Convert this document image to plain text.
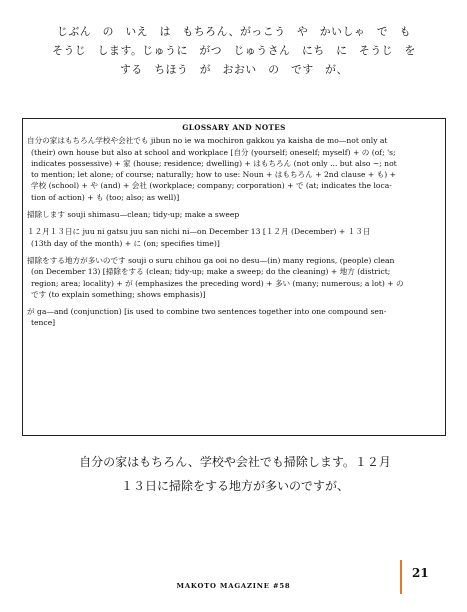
じぶん　の　いえ　は　もちろん、がっこう　や　かいしゃ　で　も
そうじ　します。じゅうに　がつ　じゅうさん　にち　に　そうじ　を
する　ちほう　が　おおい　の　です　が、
GLOSSARY AND NOTES
自分の家はもちろん学校や会社でも jibun no ie wa mochiron gakkou ya kaisha de mo—not only at
(their) own house but also at school and workplace [自分 (yourself; oneself; myself) + の (of; 's;
indicates possessive) + 家 (house; residence; dwelling) + はもちろん (not only ... but also ~; not
to mention; let alone; of course; naturally; how to use: Noun + はもちろん + 2nd clause + も) +
学校 (school) + や (and) + 会社 (workplace; company; corporation) + で (at; indicates the loca-
tion of action) + も (too; also; as well)]
掃除します souji shimasu—clean; tidy-up; make a sweep
１２月１３日に juu ni gatsu juu san nichi ni—on December 13 [１２月 (December) + １３日
(13th day of the month) + に (on; specifies time)]
掃除をする地方が多いのです souji o suru chihou ga ooi no desu—(in) many regions, (people) clean
(on December 13) [掃除をする (clean; tidy-up; make a sweep; do the cleaning) + 地方 (district;
region; area; locality) + が (emphasizes the preceding word) + 多い (many; numerous; a lot) + の
です (to explain something; shows emphasis)]
が ga—and (conjunction) [is used to combine two sentences together into one compound sen-
tence]
自分の家はもちろん、学校や会社でも掃除します。１２月
１３日に掃除をする地方が多いのですが、
21
MAKOTO MAGAZINE #58
